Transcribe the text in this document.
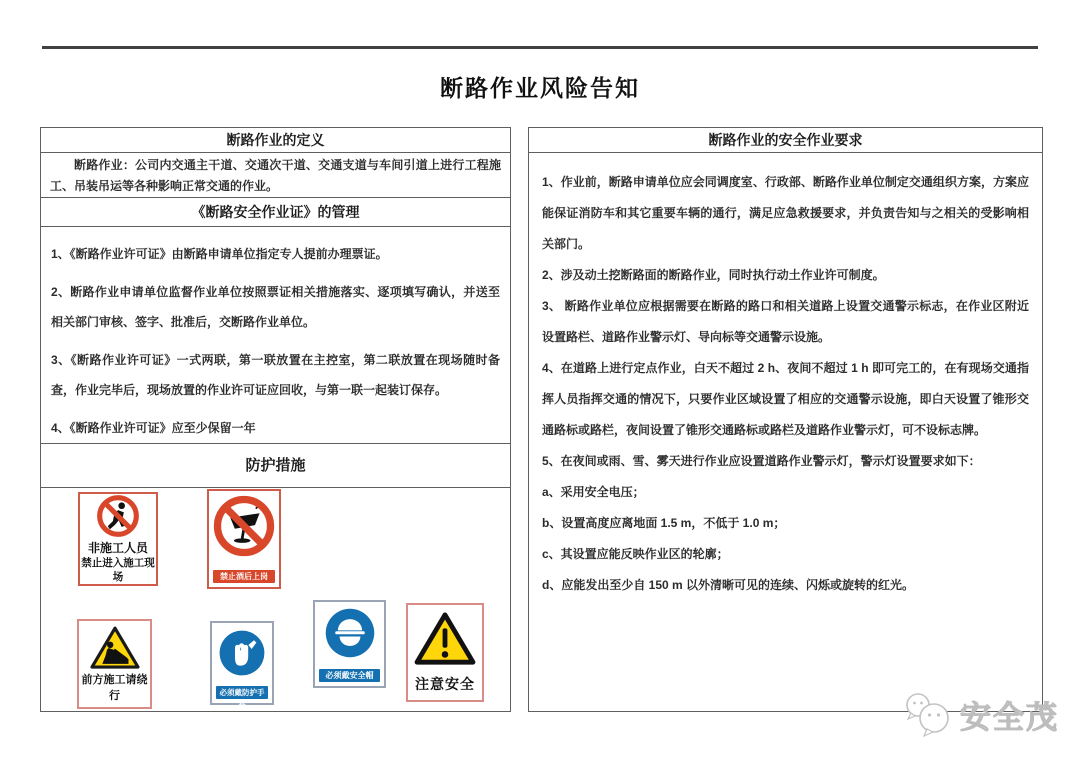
断路作业风险告知
断路作业的定义
断路作业：公司内交通主干道、交通次干道、交通支道与车间引道上进行工程施工、吊装吊运等各种影响正常交通的作业。
《断路安全作业证》的管理

1、《断路作业许可证》由断路申请单位指定专人提前办理票证。

2、断路作业申请单位监督作业单位按照票证相关措施落实、逐项填写确认，并送至相关部门审核、签字、批准后，交断路作业单位。

3、《断路作业许可证》一式两联，第一联放置在主控室，第二联放置在现场随时备查，作业完毕后，现场放置的作业许可证应回收，与第一联一起装订保存。

4、《断路作业许可证》应至少保留一年

防护措施
非施工人员
禁止进入施工现场	禁止酒后上岗
前方施工请绕行	必须戴防护手套
必须戴安全帽
注意安全
断路作业的安全作业要求

1、作业前，断路申请单位应会同调度室、行政部、断路作业单位制定交通组织方案，方案应能保证消防车和其它重要车辆的通行，满足应急救援要求，并负责告知与之相关的受影响相关部门。

2、涉及动土挖断路面的断路作业，同时执行动土作业许可制度。

3、 断路作业单位应根据需要在断路的路口和相关道路上设置交通警示标志，在作业区附近设置路栏、道路作业警示灯、导向标等交通警示设施。

4、在道路上进行定点作业，白天不超过 2 h、夜间不超过 1 h 即可完工的，在有现场交通指挥人员指挥交通的情况下，只要作业区域设置了相应的交通警示设施，即白天设置了锥形交通路标或路栏，夜间设置了锥形交通路标或路栏及道路作业警示灯，可不设标志牌。

5、在夜间或雨、雪、雾天进行作业应设置道路作业警示灯，警示灯设置要求如下：

a、采用安全电压；

b、设置高度应离地面 1.5 m，不低于 1.0 m；

c、其设置应能反映作业区的轮廓；

d、应能发出至少自 150 m 以外清晰可见的连续、闪烁或旋转的红光。

安全茂
